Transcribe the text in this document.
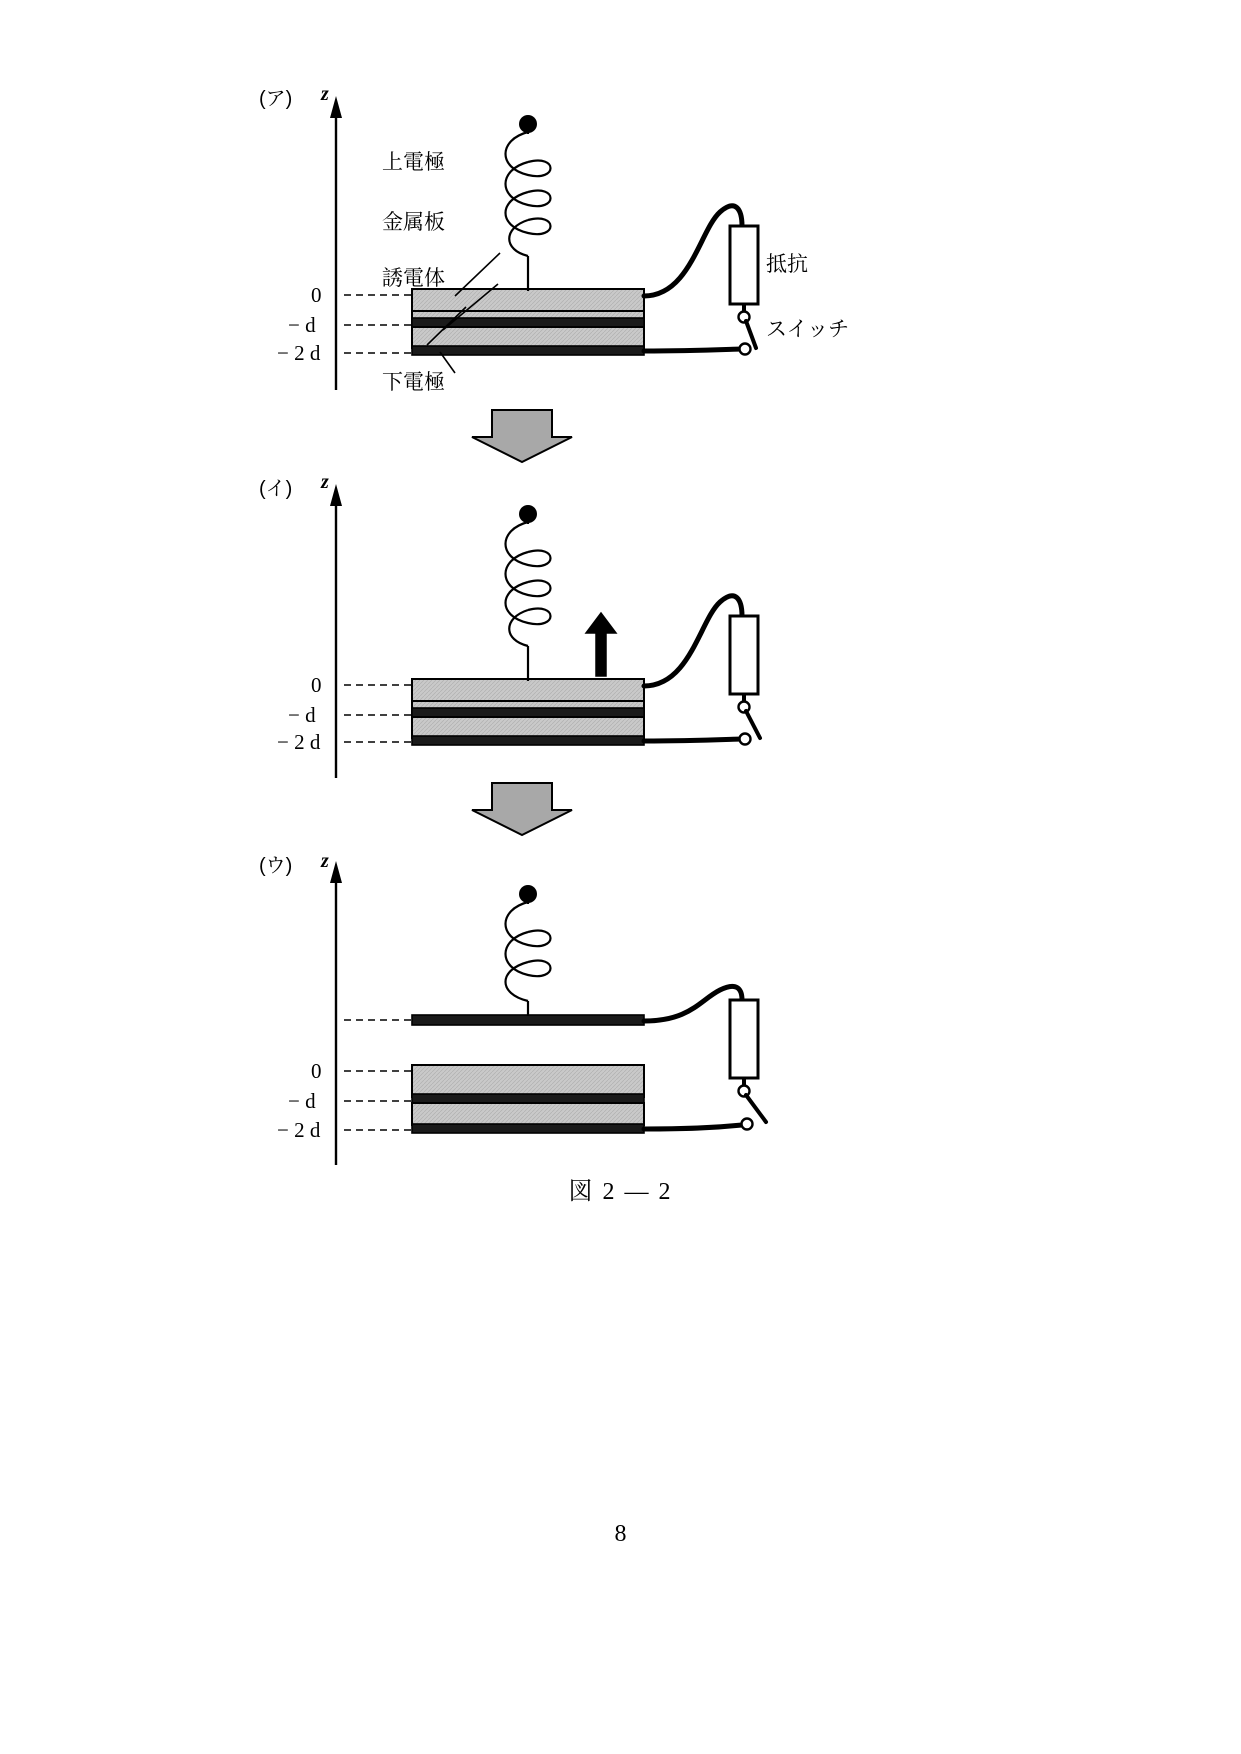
(ア)
(イ)
(ウ)
z
z
z
0
− d
− 2 d
0
− d
− 2 d
0
− d
− 2 d
上電極
金属板
誘電体
下電極
抵抗
スイッチ
図 2 ― 2
8
